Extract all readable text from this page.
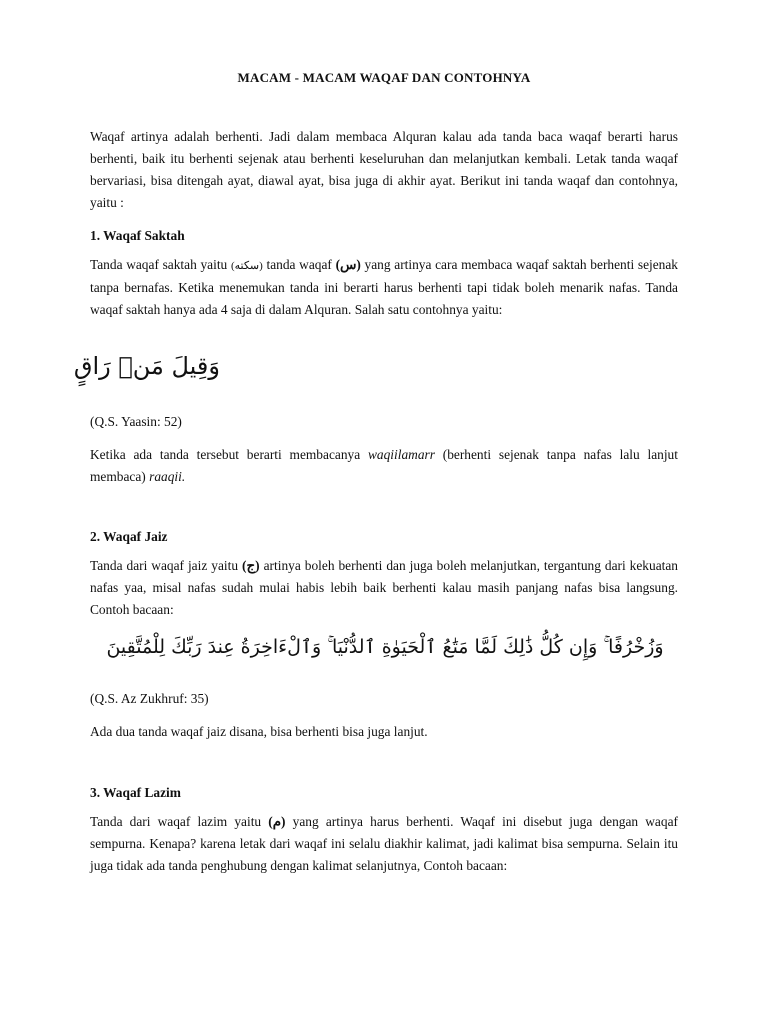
MACAM - MACAM WAQAF DAN CONTOHNYA
Waqaf artinya adalah berhenti. Jadi dalam membaca Alquran kalau ada tanda baca waqaf berarti harus berhenti, baik itu berhenti sejenak atau berhenti keseluruhan dan melanjutkan kembali. Letak tanda waqaf bervariasi, bisa ditengah ayat, diawal ayat, bisa juga di akhir ayat. Berikut ini tanda waqaf dan contohnya, yaitu :
1. Waqaf Saktah
Tanda waqaf saktah yaitu (سكته) tanda waqaf (س) yang artinya cara membaca waqaf saktah berhenti sejenak tanpa bernafas. Ketika menemukan tanda ini berarti harus berhenti tapi tidak boleh menarik nafas. Tanda waqaf saktah hanya ada 4 saja di dalam Alquran. Salah satu contohnya yaitu:
وَقِيلَ مَنۜ رَاقٍ
(Q.S. Yaasin: 52)
Ketika ada tanda tersebut berarti membacanya waqiilamarr (berhenti sejenak tanpa nafas lalu lanjut membaca) raaqii.
2. Waqaf Jaiz
Tanda dari waqaf jaiz yaitu (ج) artinya boleh berhenti dan juga boleh melanjutkan, tergantung dari kekuatan nafas yaa, misal nafas sudah mulai habis lebih baik berhenti kalau masih panjang nafas bisa langsung. Contoh bacaan:
وَزُخْرُفًا ۚ وَإِن كُلُّ ذَٰلِكَ لَمَّا مَتَٰعُ ٱلْحَيَوٰةِ ٱلدُّنْيَا ۚ وَٱلْءَاخِرَةُ عِندَ رَبِّكَ لِلْمُتَّقِينَ
(Q.S. Az Zukhruf: 35)
Ada dua tanda waqaf jaiz disana, bisa berhenti bisa juga lanjut.
3. Waqaf Lazim
Tanda dari waqaf lazim yaitu (م) yang artinya harus berhenti. Waqaf ini disebut juga dengan waqaf sempurna. Kenapa? karena letak dari waqaf ini selalu diakhir kalimat, jadi kalimat bisa sempurna. Selain itu juga tidak ada tanda penghubung dengan kalimat selanjutnya, Contoh bacaan:
